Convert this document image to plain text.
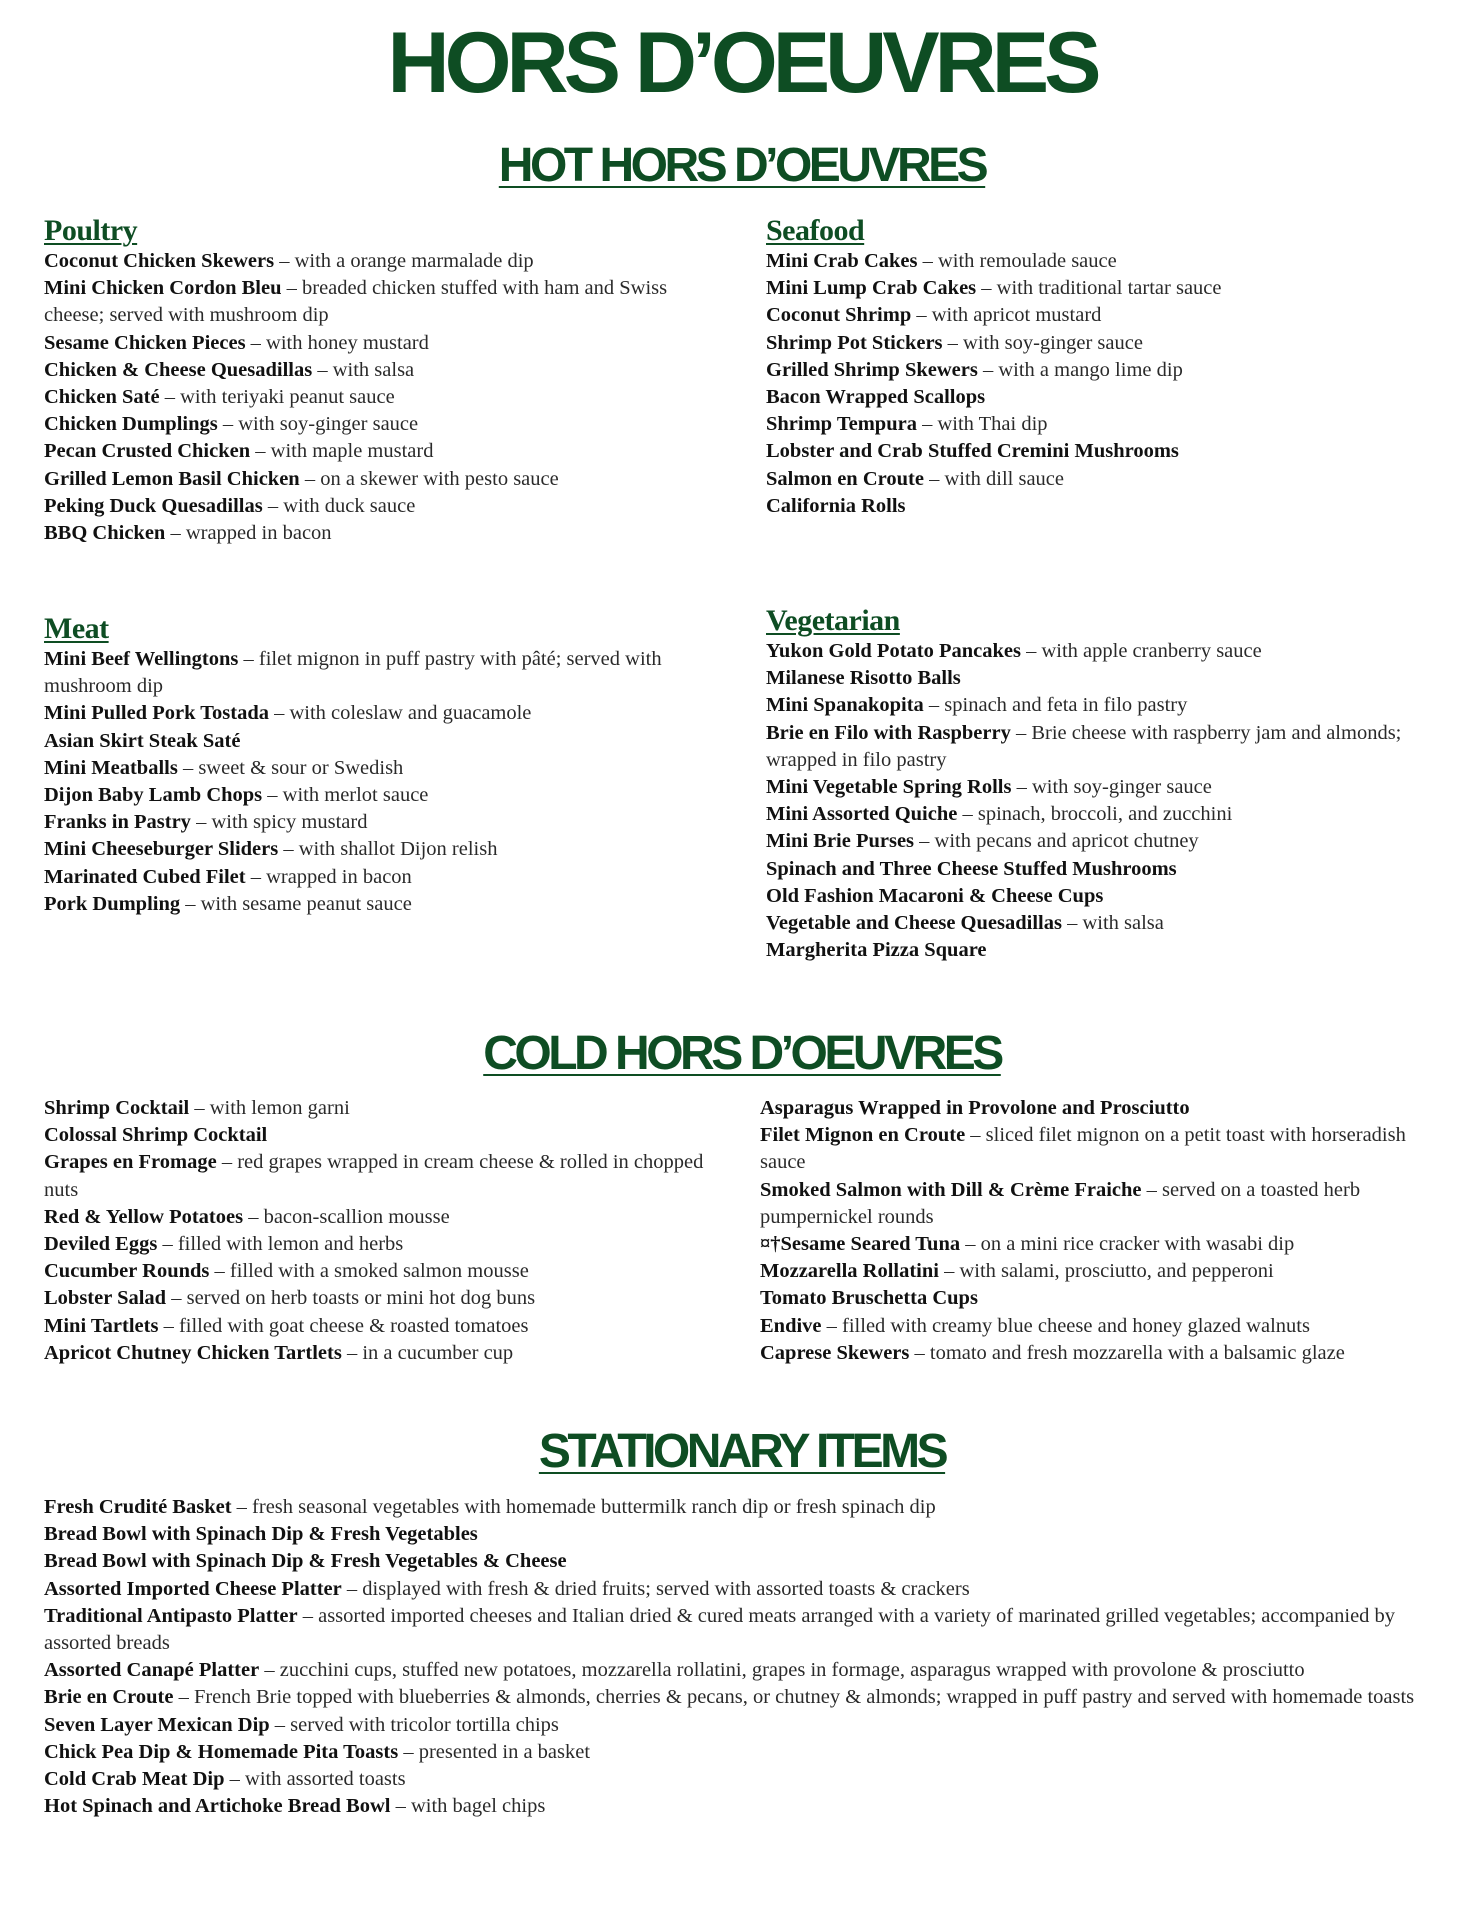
HORS D’OEUVRES
HOT HORS D’OEUVRES
Poultry
Coconut Chicken Skewers – with a orange marmalade dip
Mini Chicken Cordon Bleu – breaded chicken stuffed with ham and Swiss cheese; served with mushroom dip
Sesame Chicken Pieces – with honey mustard
Chicken & Cheese Quesadillas – with salsa
Chicken Saté – with teriyaki peanut sauce
Chicken Dumplings – with soy-ginger sauce
Pecan Crusted Chicken – with maple mustard
Grilled Lemon Basil Chicken – on a skewer with pesto sauce
Peking Duck Quesadillas – with duck sauce
BBQ Chicken – wrapped in bacon
Seafood
Mini Crab Cakes – with remoulade sauce
Mini Lump Crab Cakes – with traditional tartar sauce
Coconut Shrimp – with apricot mustard
Shrimp Pot Stickers – with soy-ginger sauce
Grilled Shrimp Skewers – with a mango lime dip
Bacon Wrapped Scallops
Shrimp Tempura – with Thai dip
Lobster and Crab Stuffed Cremini Mushrooms
Salmon en Croute – with dill sauce
California Rolls
Meat
Mini Beef Wellingtons – filet mignon in puff pastry with pâté; served with mushroom dip
Mini Pulled Pork Tostada – with coleslaw and guacamole
Asian Skirt Steak Saté
Mini Meatballs – sweet & sour or Swedish
Dijon Baby Lamb Chops – with merlot sauce
Franks in Pastry – with spicy mustard
Mini Cheeseburger Sliders – with shallot Dijon relish
Marinated Cubed Filet – wrapped in bacon
Pork Dumpling – with sesame peanut sauce
Vegetarian
Yukon Gold Potato Pancakes – with apple cranberry sauce
Milanese Risotto Balls
Mini Spanakopita – spinach and feta in filo pastry
Brie en Filo with Raspberry – Brie cheese with raspberry jam and almonds; wrapped in filo pastry
Mini Vegetable Spring Rolls – with soy-ginger sauce
Mini Assorted Quiche – spinach, broccoli, and zucchini
Mini Brie Purses – with pecans and apricot chutney
Spinach and Three Cheese Stuffed Mushrooms
Old Fashion Macaroni & Cheese Cups
Vegetable and Cheese Quesadillas – with salsa
Margherita Pizza Square
COLD HORS D’OEUVRES
Shrimp Cocktail – with lemon garni
Colossal Shrimp Cocktail
Grapes en Fromage – red grapes wrapped in cream cheese & rolled in chopped nuts
Red & Yellow Potatoes – bacon-scallion mousse
Deviled Eggs – filled with lemon and herbs
Cucumber Rounds – filled with a smoked salmon mousse
Lobster Salad – served on herb toasts or mini hot dog buns
Mini Tartlets – filled with goat cheese & roasted tomatoes
Apricot Chutney Chicken Tartlets – in a cucumber cup
Asparagus Wrapped in Provolone and Prosciutto
Filet Mignon en Croute – sliced filet mignon on a petit toast with horseradish sauce
Smoked Salmon with Dill & Crème Fraiche – served on a toasted herb pumpernickel rounds
¤†Sesame Seared Tuna – on a mini rice cracker with wasabi dip
Mozzarella Rollatini – with salami, prosciutto, and pepperoni
Tomato Bruschetta Cups
Endive – filled with creamy blue cheese and honey glazed walnuts
Caprese Skewers – tomato and fresh mozzarella with a balsamic glaze
STATIONARY ITEMS
Fresh Crudité Basket – fresh seasonal vegetables with homemade buttermilk ranch dip or fresh spinach dip
Bread Bowl with Spinach Dip & Fresh Vegetables
Bread Bowl with Spinach Dip & Fresh Vegetables & Cheese
Assorted Imported Cheese Platter – displayed with fresh & dried fruits; served with assorted toasts & crackers
Traditional Antipasto Platter – assorted imported cheeses and Italian dried & cured meats arranged with a variety of marinated grilled vegetables; accompanied by assorted breads
Assorted Canapé Platter – zucchini cups, stuffed new potatoes, mozzarella rollatini, grapes in formage, asparagus wrapped with provolone & prosciutto
Brie en Croute – French Brie topped with blueberries & almonds, cherries & pecans, or chutney & almonds; wrapped in puff pastry and served with homemade toasts
Seven Layer Mexican Dip – served with tricolor tortilla chips
Chick Pea Dip & Homemade Pita Toasts – presented in a basket
Cold Crab Meat Dip – with assorted toasts
Hot Spinach and Artichoke Bread Bowl – with bagel chips
